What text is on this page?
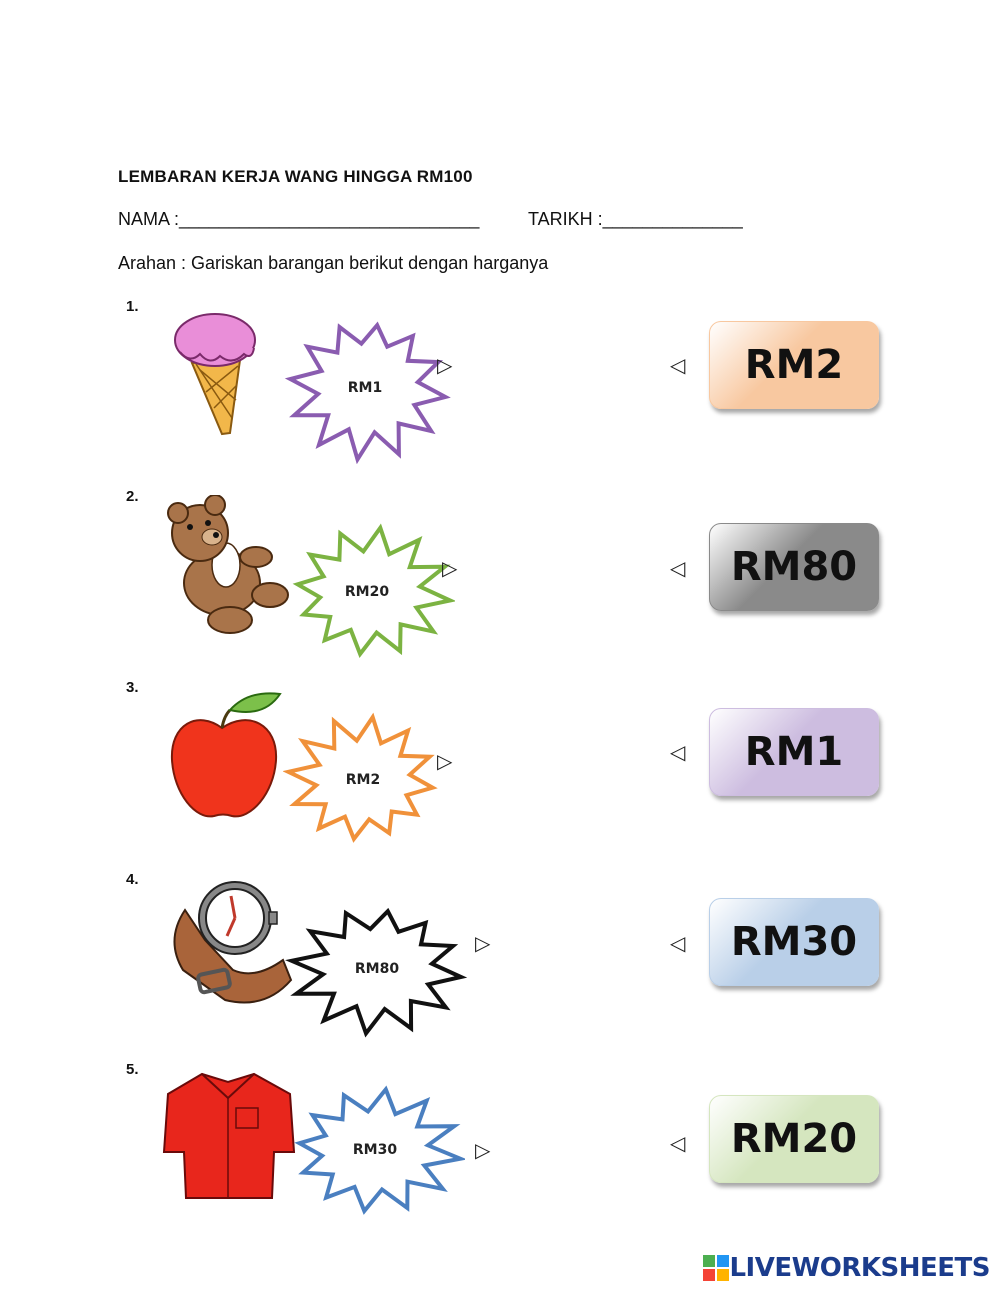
LEMBARAN KERJA WANG HINGGA RM100
NAMA :______________________________	TARIKH :______________
Arahan : Gariskan barangan berikut dengan harganya
1.
2.
3.
4.
5.
RM1
RM20
RM2
RM80
RM30
▷
▷
▷
▷
▷
◁
◁
◁
◁
◁
RM2
RM80
RM1
RM30
RM20
LIVEWORKSHEETS
